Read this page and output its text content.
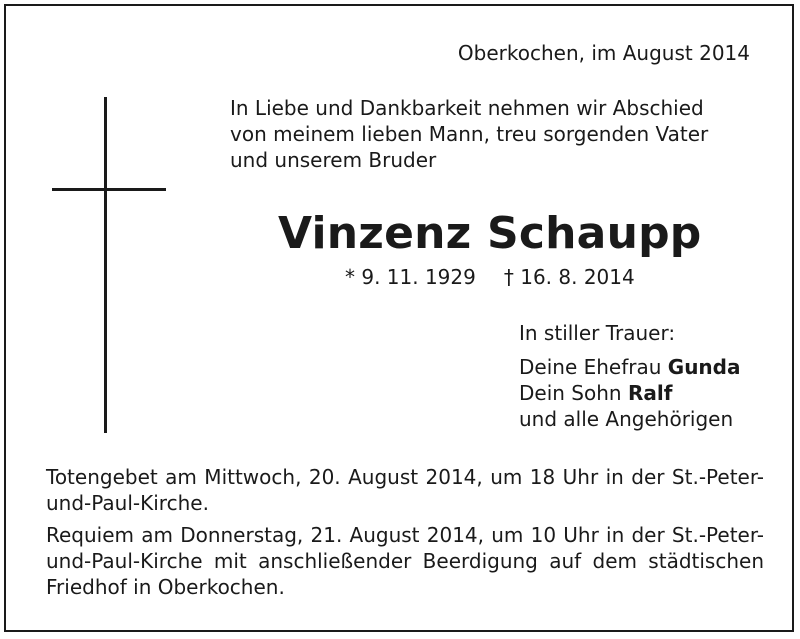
Oberkochen, im August 2014
In Liebe und Dankbarkeit nehmen wir Abschied
von meinem lieben Mann, treu sorgenden Vater
und unserem Bruder
Vinzenz Schaupp
* 9. 11. 1929 † 16. 8. 2014
In stiller Trauer:
Deine Ehefrau Gunda
Dein Sohn Ralf
und alle Angehörigen

Totengebet am Mittwoch, 20. August 2014, um 18 Uhr in der St.-Peter-und-Paul-Kirche.

Requiem am Donnerstag, 21. August 2014, um 10 Uhr in der St.-Peter-und-Paul-Kirche mit anschließender Beerdigung auf dem städtischen Friedhof in Oberkochen.
